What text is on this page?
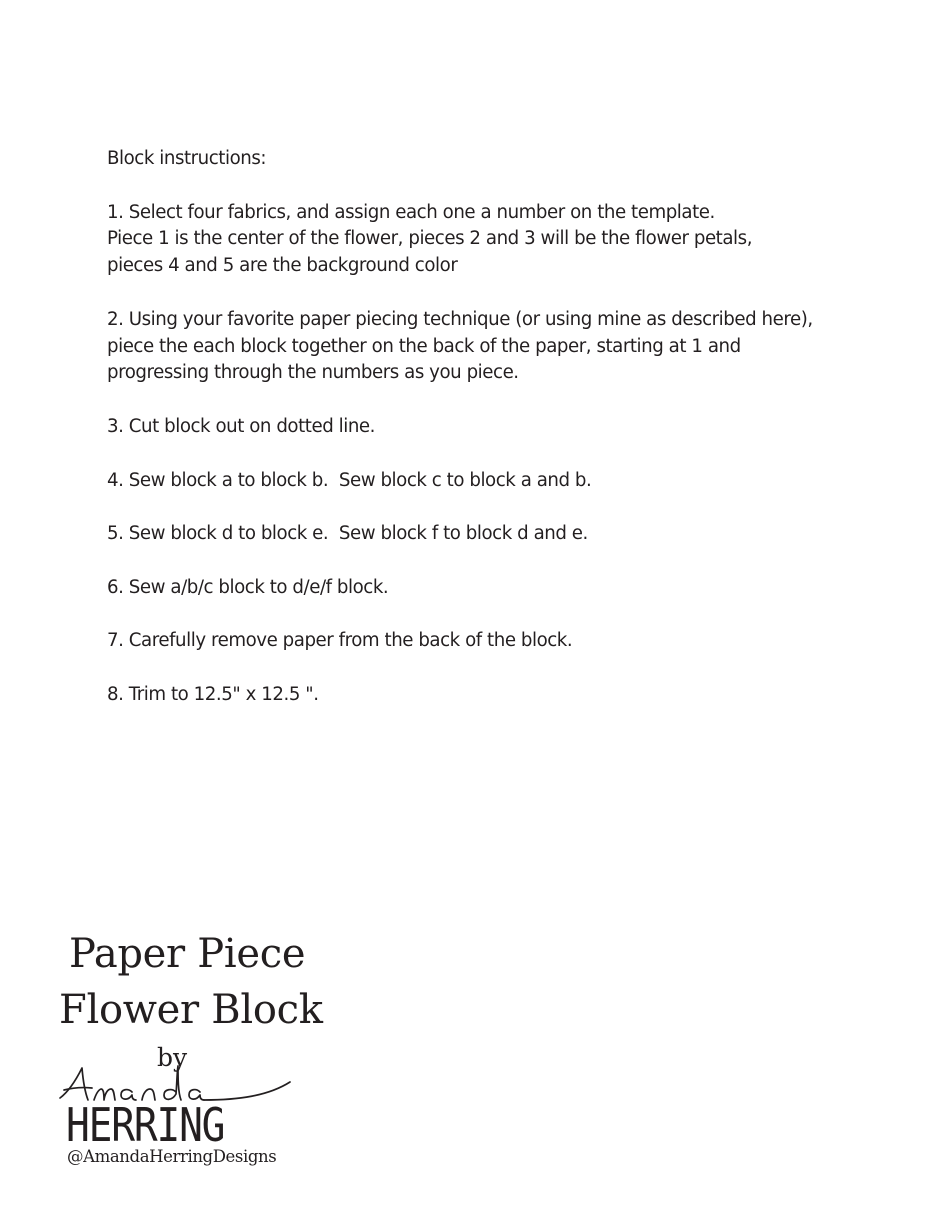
Block instructions:
1. Select four fabrics, and assign each one a number on the template.
Piece 1 is the center of the flower, pieces 2 and 3 will be the flower petals,
pieces 4 and 5 are the background color
2. Using your favorite paper piecing technique (or using mine as described here),
piece the each block together on the back of the paper, starting at 1 and
progressing through the numbers as you piece.
3. Cut block out on dotted line.
4. Sew block a to block b.  Sew block c to block a and b.
5. Sew block d to block e.  Sew block f to block d and e.
6. Sew a/b/c block to d/e/f block.
7. Carefully remove paper from the back of the block.
8. Trim to 12.5" x 12.5 ".
Paper Piece
Flower Block
by
Amanda
HERRING
@AmandaHerringDesigns
